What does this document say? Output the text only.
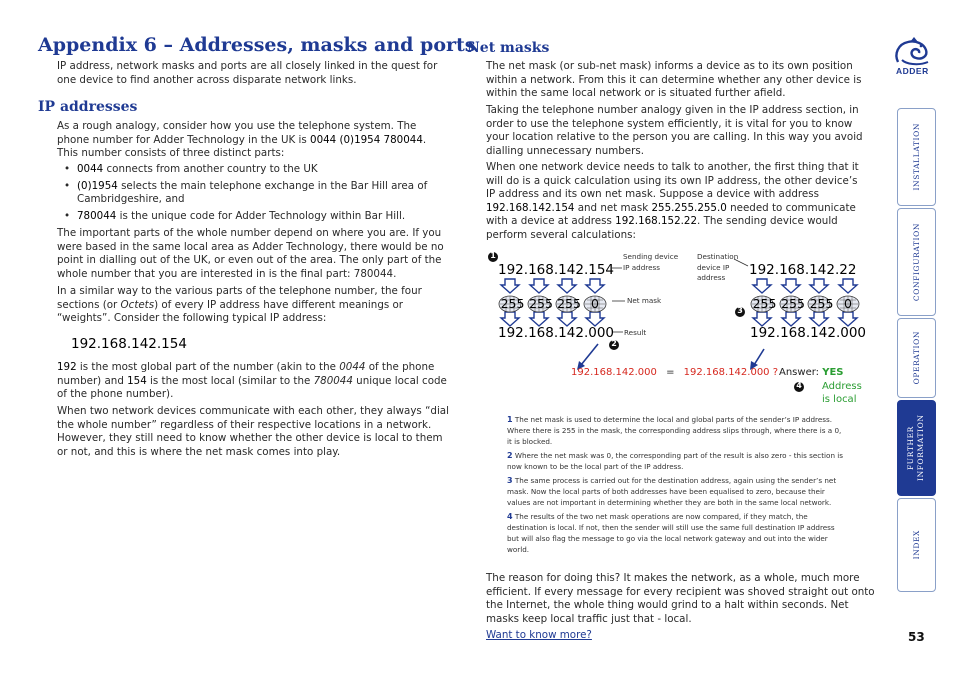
Appendix 6 – Addresses, masks and ports
IP address, network masks and ports are all closely linked in the quest for one device to find another across disparate network links.
IP addresses
As a rough analogy, consider how you use the telephone system. The phone number for Adder Technology in the UK is 0044 (0)1954 780044. This number consists of three distinct parts:
• 0044 connects from another country to the UK
• (0)1954 selects the main telephone exchange in the Bar Hill area of Cambridgeshire, and
• 780044 is the unique code for Adder Technology within Bar Hill.
The important parts of the whole number depend on where you are. If you were based in the same local area as Adder Technology, there would be no point in dialling out of the UK, or even out of the area. The only part of the whole number that you are interested in is the final part: 780044.
In a similar way to the various parts of the telephone number, the four sections (or Octets) of every IP address have different meanings or “weights”. Consider the following typical IP address:
192.168.142.154
192 is the most global part of the number (akin to the 0044 of the phone number) and 154 is the most local (similar to the 780044 unique local code of the phone number).
When two network devices communicate with each other, they always “dial the whole number” regardless of their respective locations in a network. However, they still need to know whether the other device is local to them or not, and this is where the net mask comes into play.
Net masks
The net mask (or sub-net mask) informs a device as to its own position within a network. From this it can determine whether any other device is within the same local network or is situated further afield.
Taking the telephone number analogy given in the IP address section, in order to use the telephone system efficiently, it is vital for you to know your location relative to the person you are calling. In this way you avoid dialling unnecessary numbers.
When one network device needs to talk to another, the first thing that it will do is a quick calculation using its own IP address, the other device’s IP address and its own net mask. Suppose a device with address 192.168.142.154 and net mask 255.255.255.0 needed to communicate with a device at address 192.168.152.22. The sending device would perform several calculations:
1
2
3
4
192.168.142.154
255 255 255 0
192.168.142.000
Sending device IP address
Net mask
Result
Destination device IP address	192.168.142.22
255 255 255 0
192.168.142.000
192.168.142.000 = 192.168.142.000 ? Answer: YES
Address is local
1 The net mask is used to determine the local and global parts of the sender’s IP address. Where there is 255 in the mask, the corresponding address slips through, where there is a 0, it is blocked.
2 Where the net mask was 0, the corresponding part of the result is also zero - this section is now known to be the local part of the IP address.
3 The same process is carried out for the destination address, again using the sender’s net mask. Now the local parts of both addresses have been equalised to zero, because their values are not important in determining whether they are both in the same local network.
4 The results of the two net mask operations are now compared, if they match, the destination is local. If not, then the sender will still use the same full destination IP address but will also flag the message to go via the local network gateway and out into the wider world.
The reason for doing this? It makes the network, as a whole, much more efficient. If every message for every recipient was shoved straight out onto the Internet, the whole thing would grind to a halt within seconds. Net masks keep local traffic just that - local.
Want to know more?
ADDER
INSTALLATION
CONFIGURATION
OPERATION
FURTHER INFORMATION
INDEX
53
